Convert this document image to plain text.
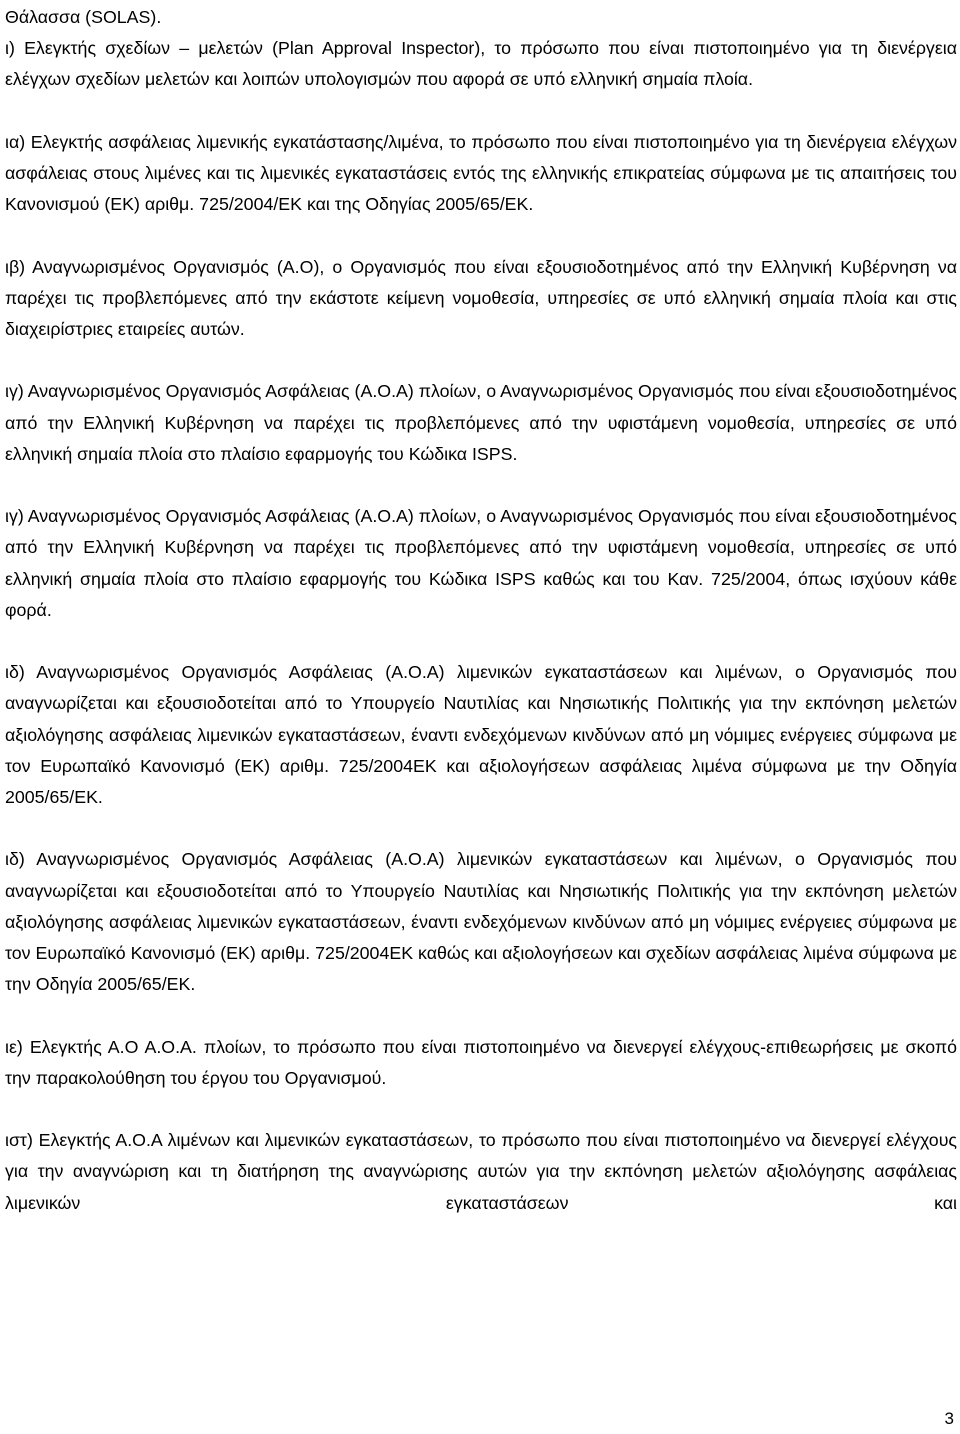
Θάλασσα (SOLAS).

ι) Ελεγκτής σχεδίων – μελετών (Plan Approval Inspector), το πρόσωπο που είναι πιστοποιημένο για τη διενέργεια ελέγχων σχεδίων μελετών και λοιπών υπολογισμών που αφορά σε υπό ελληνική σημαία πλοία.

ια) Ελεγκτής ασφάλειας λιμενικής εγκατάστασης/λιμένα, το πρόσωπο που είναι πιστοποιημένο για τη διενέργεια ελέγχων ασφάλειας στους λιμένες και τις λιμενικές εγκαταστάσεις εντός της ελληνικής επικρατείας σύμφωνα με τις απαιτήσεις του Κανονισμού (ΕΚ) αριθμ. 725/2004/ΕΚ και της Οδηγίας 2005/65/ΕΚ.

ιβ) Αναγνωρισμένος Οργανισμός (Α.Ο), ο Οργανισμός που είναι εξουσιοδοτημένος από την Ελληνική Κυβέρνηση να παρέχει τις προβλεπόμενες από την εκάστοτε κείμενη νομοθεσία, υπηρεσίες σε υπό ελληνική σημαία πλοία και στις διαχειρίστριες εταιρείες αυτών.

ιγ) Αναγνωρισμένος Οργανισμός Ασφάλειας (Α.Ο.Α) πλοίων, ο Αναγνωρισμένος Οργανισμός που είναι εξουσιοδοτημένος από την Ελληνική Κυβέρνηση να παρέχει τις προβλεπόμενες από την υφιστάμενη νομοθεσία, υπηρεσίες σε υπό ελληνική σημαία πλοία στο πλαίσιο εφαρμογής του Κώδικα ISPS.

ιγ) Αναγνωρισμένος Οργανισμός Ασφάλειας (Α.Ο.Α) πλοίων, ο Αναγνωρισμένος Οργανισμός που είναι εξουσιοδοτημένος από την Ελληνική Κυβέρνηση να παρέχει τις προβλεπόμενες από την υφιστάμενη νομοθεσία, υπηρεσίες σε υπό ελληνική σημαία πλοία στο πλαίσιο εφαρμογής του Κώδικα ISPS καθώς και του Καν. 725/2004, όπως ισχύουν κάθε φορά.

ιδ) Αναγνωρισμένος Οργανισμός Ασφάλειας (Α.Ο.Α) λιμενικών εγκαταστάσεων και λιμένων, ο Οργανισμός που αναγνωρίζεται και εξουσιοδοτείται από το Υπουργείο Ναυτιλίας και Νησιωτικής Πολιτικής για την εκπόνηση μελετών αξιολόγησης ασφάλειας λιμενικών εγκαταστάσεων, έναντι ενδεχόμενων κινδύνων από μη νόμιμες ενέργειες σύμφωνα με τον Ευρωπαϊκό Κανονισμό (ΕΚ) αριθμ. 725/2004ΕΚ και αξιολογήσεων ασφάλειας λιμένα σύμφωνα με την Οδηγία 2005/65/ΕΚ.

ιδ) Αναγνωρισμένος Οργανισμός Ασφάλειας (Α.Ο.Α) λιμενικών εγκαταστάσεων και λιμένων, ο Οργανισμός που αναγνωρίζεται και εξουσιοδοτείται από το Υπουργείο Ναυτιλίας και Νησιωτικής Πολιτικής για την εκπόνηση μελετών αξιολόγησης ασφάλειας λιμενικών εγκαταστάσεων, έναντι ενδεχόμενων κινδύνων από μη νόμιμες ενέργειες σύμφωνα με τον Ευρωπαϊκό Κανονισμό (ΕΚ) αριθμ. 725/2004ΕΚ καθώς και αξιολογήσεων και σχεδίων ασφάλειας λιμένα σύμφωνα με την Οδηγία 2005/65/ΕΚ.

ιε) Ελεγκτής Α.Ο Α.Ο.Α. πλοίων, το πρόσωπο που είναι πιστοποιημένο να διενεργεί ελέγχους-επιθεωρήσεις με σκοπό την παρακολούθηση του έργου του Οργανισμού.

ιστ) Ελεγκτής Α.Ο.Α λιμένων και λιμενικών εγκαταστάσεων, το πρόσωπο που είναι πιστοποιημένο να διενεργεί ελέγχους για την αναγνώριση και τη διατήρηση της αναγνώρισης αυτών για την εκπόνηση μελετών αξιολόγησης ασφάλειας λιμενικών εγκαταστάσεων και

3
